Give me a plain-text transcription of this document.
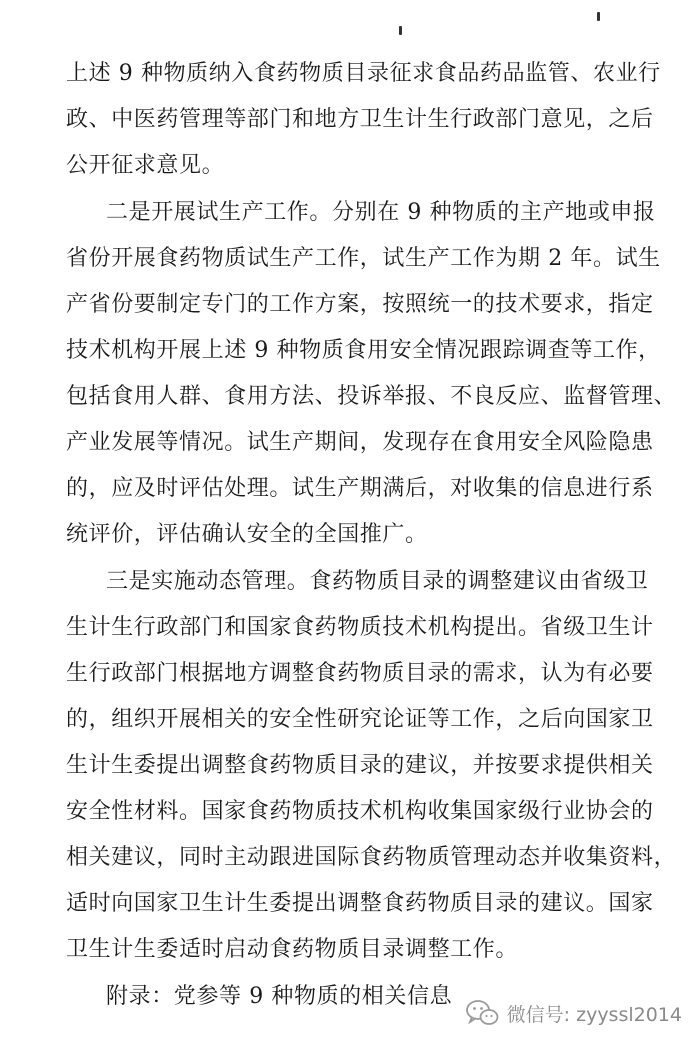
上述 9 种物质纳入食药物质目录征求食品药品监管、农业行
政、中医药管理等部门和地方卫生计生行政部门意见，之后
公开征求意见。
二是开展试生产工作。分别在 9 种物质的主产地或申报
省份开展食药物质试生产工作，试生产工作为期 2 年。试生
产省份要制定专门的工作方案，按照统一的技术要求，指定
技术机构开展上述 9 种物质食用安全情况跟踪调查等工作，
包括食用人群、食用方法、投诉举报、不良反应、监督管理、
产业发展等情况。试生产期间，发现存在食用安全风险隐患
的，应及时评估处理。试生产期满后，对收集的信息进行系
统评价，评估确认安全的全国推广。
三是实施动态管理。食药物质目录的调整建议由省级卫
生计生行政部门和国家食药物质技术机构提出。省级卫生计
生行政部门根据地方调整食药物质目录的需求，认为有必要
的，组织开展相关的安全性研究论证等工作，之后向国家卫
生计生委提出调整食药物质目录的建议，并按要求提供相关
安全性材料。国家食药物质技术机构收集国家级行业协会的
相关建议，同时主动跟进国际食药物质管理动态并收集资料，
适时向国家卫生计生委提出调整食药物质目录的建议。国家
卫生计生委适时启动食药物质目录调整工作。
附录：党参等 9 种物质的相关信息
微信号: zyyssl2014
